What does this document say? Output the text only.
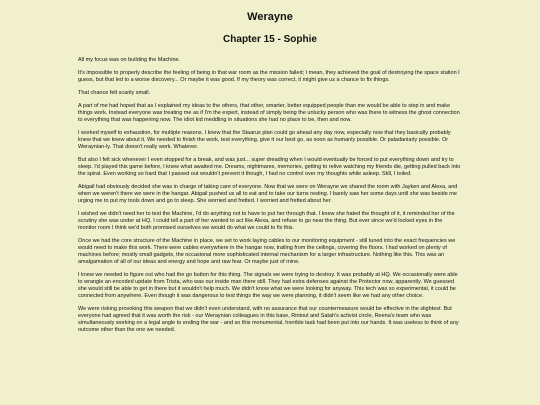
Werayne
Chapter 15 - Sophie

All my focus was on building the Machine.

It's impossible to properly describe the feeling of being in that war room as the mission failed; I mean, they achieved the goal of destroying the space station I guess, but that led to a worse discovery... Or maybe it was good. If my theory was correct, it might give us a chance to fix things.

That chance felt scarily small.

A part of me had hoped that as I explained my ideas to the others, that other, smarter, better equipped people than me would be able to step in and make things work. Instead everyone was treating me as if I'm the expert, instead of simply being the unlucky person who was there to witness the ghost connection to everything that was happening now. The idiot kid meddling in situations she had no place to be, then and now.

I worked myself to exhaustion, for multiple reasons. I knew that the Staarus plan could go ahead any day now, especially now that they basically probably knew that we knew about it. We needed to finish the work, test everything, give it our best go, as soon as humanly possible. Or paladaniarly possible. Or Weraynian-ly. That doesn't really work. Whatever.

But also I felt sick whenever I even stopped for a break, and was just... super dreading when I would eventually be forced to put everything down and try to sleep. I'd played this game before, I knew what awaited me. Dreams, nightmares, memories, getting to relive watching my friends die, getting pulled back into the spiral. Even working so hard that I passed out wouldn't prevent it though, I had no control over my thoughts while asleep. Still, I toiled.

Abigail had obviously decided she was in charge of taking care of everyone. Now that we were on Werayne we shared the room with Jayken and Alexa, and when we weren't there we were in the hangar. Abigail pushed us all to eat and to take our turns resting. I barely saw her some days until she was beside me urging me to put my tools down and go to sleep. She worried and fretted. I worried and fretted about her.

I wished we didn't need her to test the Machine, I'd do anything not to have to put her through that. I knew she hated the thought of it, it reminded her of the scrutiny she was under at HQ. I could tell a part of her wanted to act like Alexa, and refuse to go near the thing. But ever since we'd locked eyes in the monitor room I think we'd both promised ourselves we would do what we could to fix this.

Once we had the core structure of the Machine in place, we set to work laying cables to our monitoring equipment - still tuned into the exact frequencies we would need to make this work. There were cables everywhere in the hangar now, trailing from the ceilings, covering the floors. I had worked on plenty of machines before; mostly small gadgets, the occasional more sophisticated internal mechanism for a larger infrastructure. Nothing like this. This was an amalgamation of all of our ideas and energy and hope and raw fear. Or maybe just of mine.

I knew we needed to figure out who had the go button for this thing. The signals we were trying to destroy. It was probably at HQ. We occasionally were able to wrangle an encoded update from Trista, who was our inside man there still. They had extra defenses against the Protector now, apparently. We guessed she would still be able to get in there but it wouldn't help much. We didn't know what we were looking for anyway. This tech was so experimental, it could be connected from anywhere. Even though it was dangerous to test things the way we were planning, it didn't seem like we had any other choice.

We were risking provoking this weapon that we didn't even understand, with no assurance that our countermeasure would be effective in the slightest. But everyone had agreed that it was worth the risk - our Weraynian colleagues in this base, Rintoul and Satah's activist circle, Reena's team who was simultaneously working on a legal angle to ending the war - and so this monumental, horrible task had been put into our hands. It was useless to think of any outcome other than the one we needed.
